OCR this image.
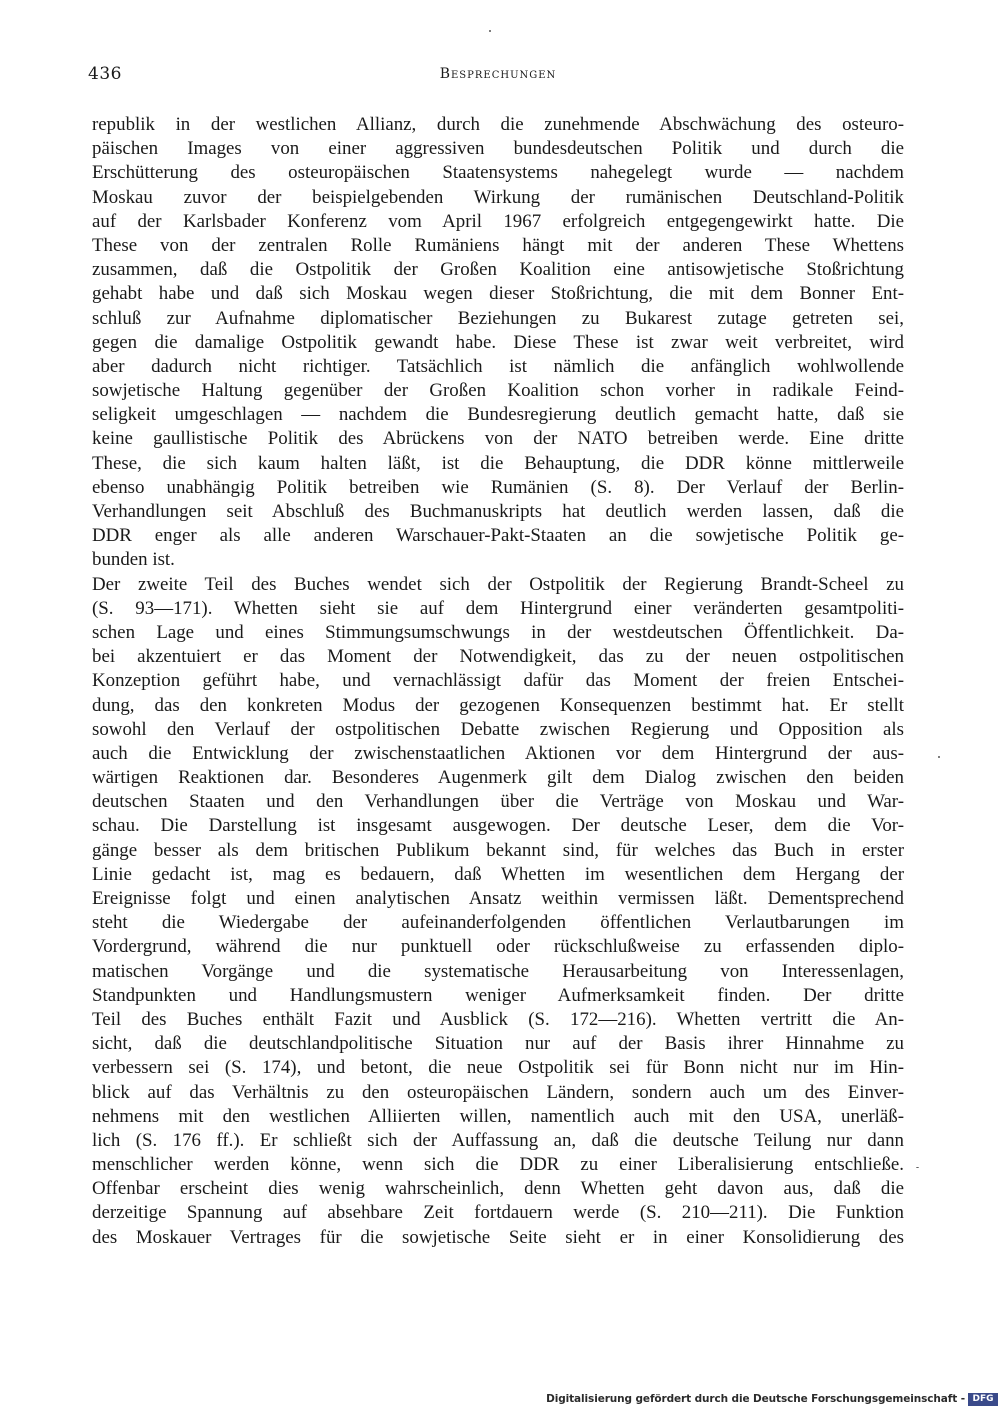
436	Besprechungen
republik in der westlichen Allianz, durch die zunehmende Abschwächung des osteuro-
päischen Images von einer aggressiven bundesdeutschen Politik und durch die
Erschütterung des osteuropäischen Staatensystems nahegelegt wurde — nachdem
Moskau zuvor der beispielgebenden Wirkung der rumänischen Deutschland-Politik
auf der Karlsbader Konferenz vom April 1967 erfolgreich entgegengewirkt hatte. Die
These von der zentralen Rolle Rumäniens hängt mit der anderen These Whettens
zusammen, daß die Ostpolitik der Großen Koalition eine antisowjetische Stoßrichtung
gehabt habe und daß sich Moskau wegen dieser Stoßrichtung, die mit dem Bonner Ent-
schluß zur Aufnahme diplomatischer Beziehungen zu Bukarest zutage getreten sei,
gegen die damalige Ostpolitik gewandt habe. Diese These ist zwar weit verbreitet, wird
aber dadurch nicht richtiger. Tatsächlich ist nämlich die anfänglich wohlwollende
sowjetische Haltung gegenüber der Großen Koalition schon vorher in radikale Feind-
seligkeit umgeschlagen — nachdem die Bundesregierung deutlich gemacht hatte, daß sie
keine gaullistische Politik des Abrückens von der NATO betreiben werde. Eine dritte
These, die sich kaum halten läßt, ist die Behauptung, die DDR könne mittlerweile
ebenso unabhängig Politik betreiben wie Rumänien (S. 8). Der Verlauf der Berlin-
Verhandlungen seit Abschluß des Buchmanuskripts hat deutlich werden lassen, daß die
DDR enger als alle anderen Warschauer-Pakt-Staaten an die sowjetische Politik ge-
bunden ist.
Der zweite Teil des Buches wendet sich der Ostpolitik der Regierung Brandt-Scheel zu
(S. 93—171). Whetten sieht sie auf dem Hintergrund einer veränderten gesamtpoliti-
schen Lage und eines Stimmungsumschwungs in der westdeutschen Öffentlichkeit. Da-
bei akzentuiert er das Moment der Notwendigkeit, das zu der neuen ostpolitischen
Konzeption geführt habe, und vernachlässigt dafür das Moment der freien Entschei-
dung, das den konkreten Modus der gezogenen Konsequenzen bestimmt hat. Er stellt
sowohl den Verlauf der ostpolitischen Debatte zwischen Regierung und Opposition als
auch die Entwicklung der zwischenstaatlichen Aktionen vor dem Hintergrund der aus-
wärtigen Reaktionen dar. Besonderes Augenmerk gilt dem Dialog zwischen den beiden
deutschen Staaten und den Verhandlungen über die Verträge von Moskau und War-
schau. Die Darstellung ist insgesamt ausgewogen. Der deutsche Leser, dem die Vor-
gänge besser als dem britischen Publikum bekannt sind, für welches das Buch in erster
Linie gedacht ist, mag es bedauern, daß Whetten im wesentlichen dem Hergang der
Ereignisse folgt und einen analytischen Ansatz weithin vermissen läßt. Dementsprechend
steht die Wiedergabe der aufeinanderfolgenden öffentlichen Verlautbarungen im
Vordergrund, während die nur punktuell oder rückschlußweise zu erfassenden diplo-
matischen Vorgänge und die systematische Herausarbeitung von Interessenlagen,
Standpunkten und Handlungsmustern weniger Aufmerksamkeit finden. Der dritte
Teil des Buches enthält Fazit und Ausblick (S. 172—216). Whetten vertritt die An-
sicht, daß die deutschlandpolitische Situation nur auf der Basis ihrer Hinnahme zu
verbessern sei (S. 174), und betont, die neue Ostpolitik sei für Bonn nicht nur im Hin-
blick auf das Verhältnis zu den osteuropäischen Ländern, sondern auch um des Einver-
nehmens mit den westlichen Alliierten willen, namentlich auch mit den USA, unerläß-
lich (S. 176 ff.). Er schließt sich der Auffassung an, daß die deutsche Teilung nur dann
menschlicher werden könne, wenn sich die DDR zu einer Liberalisierung entschließe.
Offenbar erscheint dies wenig wahrscheinlich, denn Whetten geht davon aus, daß die
derzeitige Spannung auf absehbare Zeit fortdauern werde (S. 210—211). Die Funktion
des Moskauer Vertrages für die sowjetische Seite sieht er in einer Konsolidierung des
Digitalisierung gefördert durch die Deutsche Forschungsgemeinschaft - DFG
